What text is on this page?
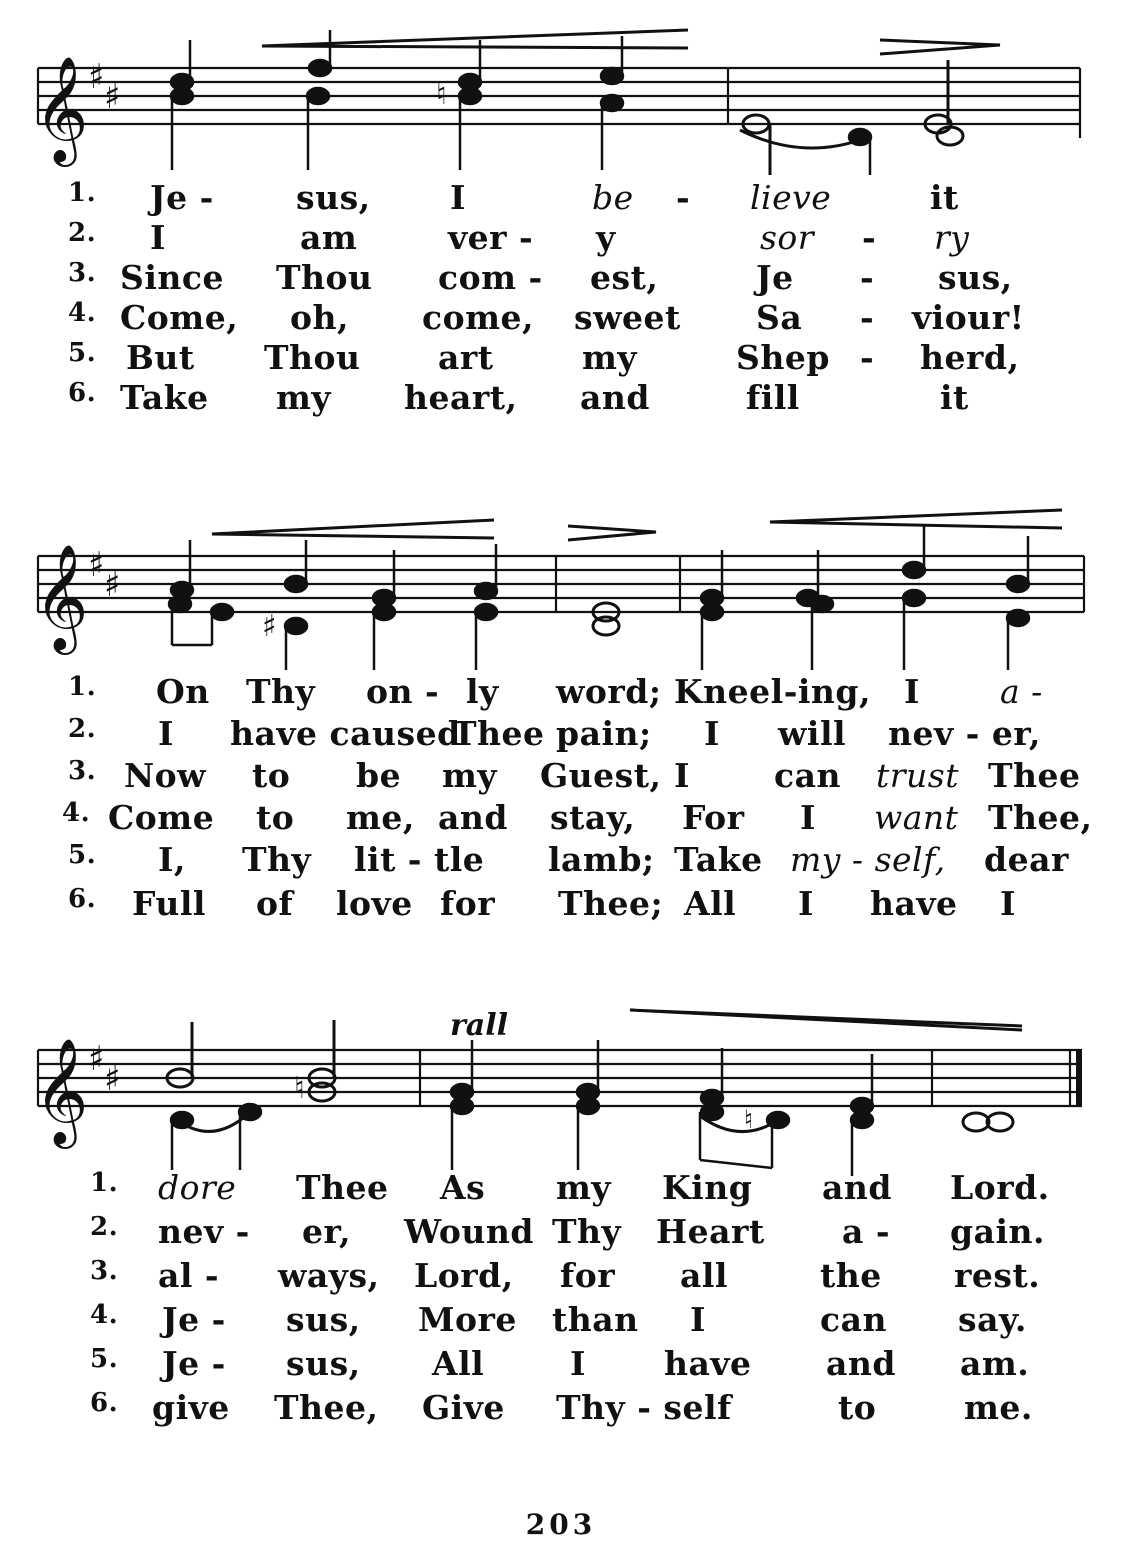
𝄞 ♯ ♯	♮
1. Je - sus, I	be - lieve	it
2. I	am	ver - y	sor - ry
3. Since Thou com - est,	Je - sus,
4. Come, oh, come, sweet Sa - viour!
5. But Thou art	my	Shep - herd,
6. Take my heart, and	fill	it
𝄞 ♯ ♯
♯
1. On Thy on - ly word; Kneel-ing, I a -
2. I have caused
Thee pain; I will nev - er,
3. Now to be my Guest, I	can trust Thee
4. Come to me, and stay, For I want Thee,
5. I, Thy lit - tle lamb; Take my - self, dear
6. Full of love for Thee; All I have I
rall
𝄞 ♯ ♯	♮
♮
1. dore Thee As my King and Lord.
2. nev - er, Wound Thy Heart a - gain.
3. al - ways, Lord, for all	the rest.
4. Je - sus, More than I	can say.
5. Je - sus, All	I have and am.
6. give Thee, Give Thy - self	to	me.
203
